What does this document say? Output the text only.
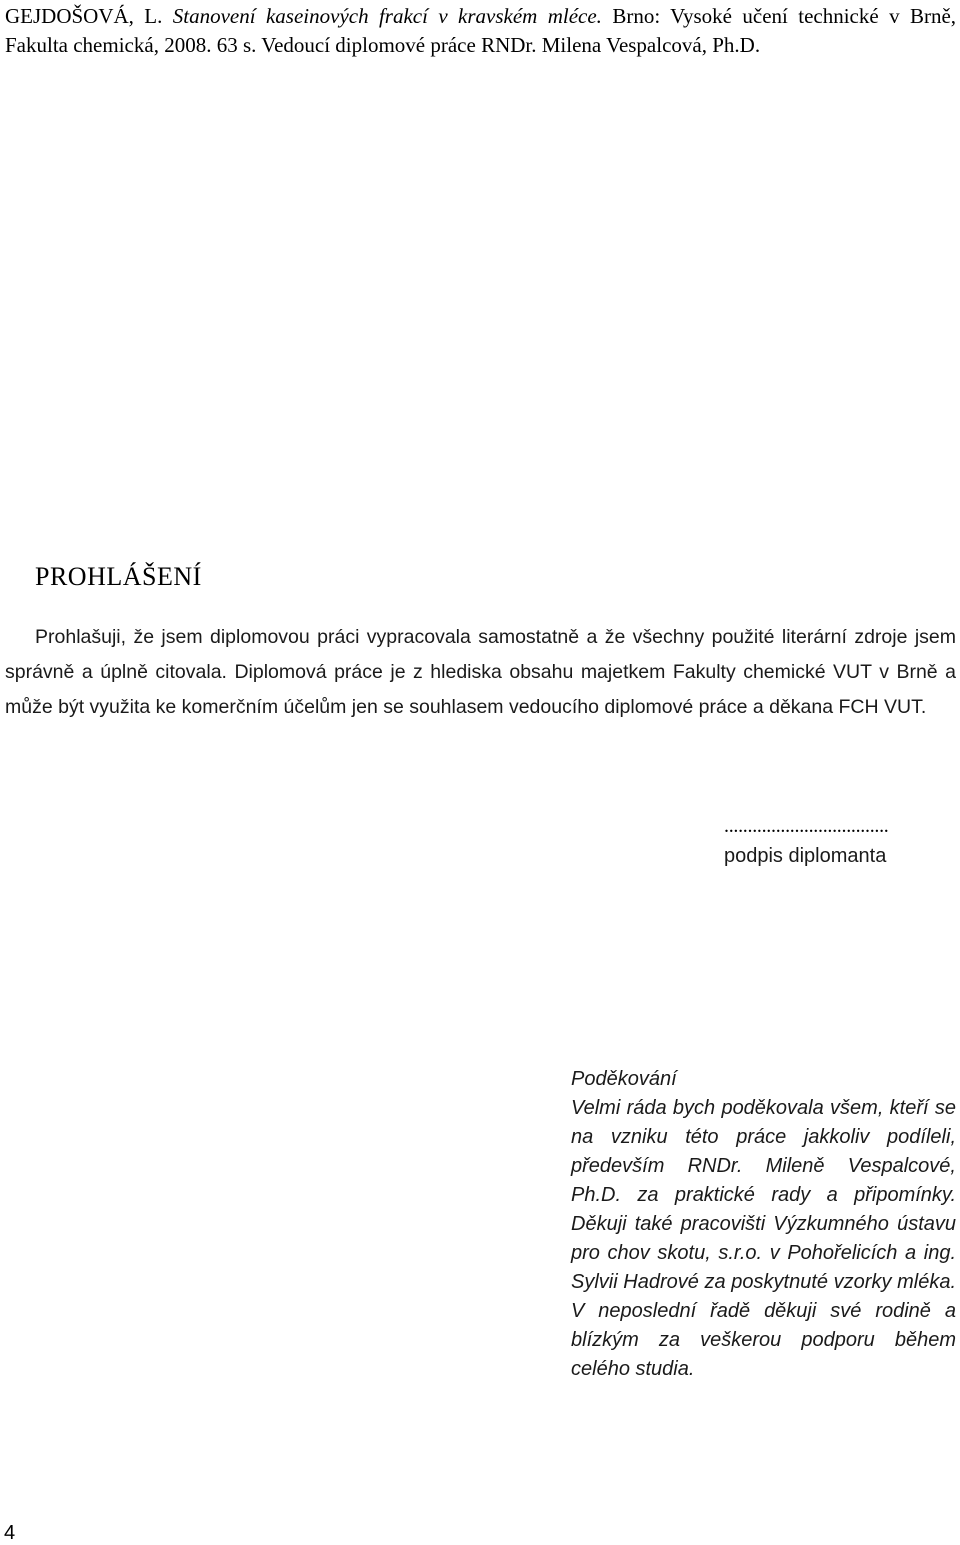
GEJDOŠOVÁ, L. Stanovení kaseinových frakcí v kravském mléce. Brno: Vysoké učení technické v Brně, Fakulta chemická, 2008. 63 s. Vedoucí diplomové práce RNDr. Milena Vespalcová, Ph.D.
PROHLÁŠENÍ

Prohlašuji, že jsem diplomovou práci vypracovala samostatně a že všechny použité literární zdroje jsem správně a úplně citovala. Diplomová práce je z hlediska obsahu majetkem Fakulty chemické VUT v Brně a může být využita ke komerčním účelům jen se souhlasem vedoucího diplomové práce a děkana FCH VUT.

...................................
podpis diplomanta
Poděkování
Velmi ráda bych poděkovala všem, kteří se na vzniku této práce jakkoliv podíleli, především RNDr. Mileně Vespalcové, Ph.D. za praktické rady a připomínky. Děkuji také pracovišti Výzkumného ústavu pro chov skotu, s.r.o. v Pohořelicích a ing. Sylvii Hadrové za poskytnuté vzorky mléka. V neposlední řadě děkuji své rodině a blízkým za veškerou podporu během celého studia.
4
